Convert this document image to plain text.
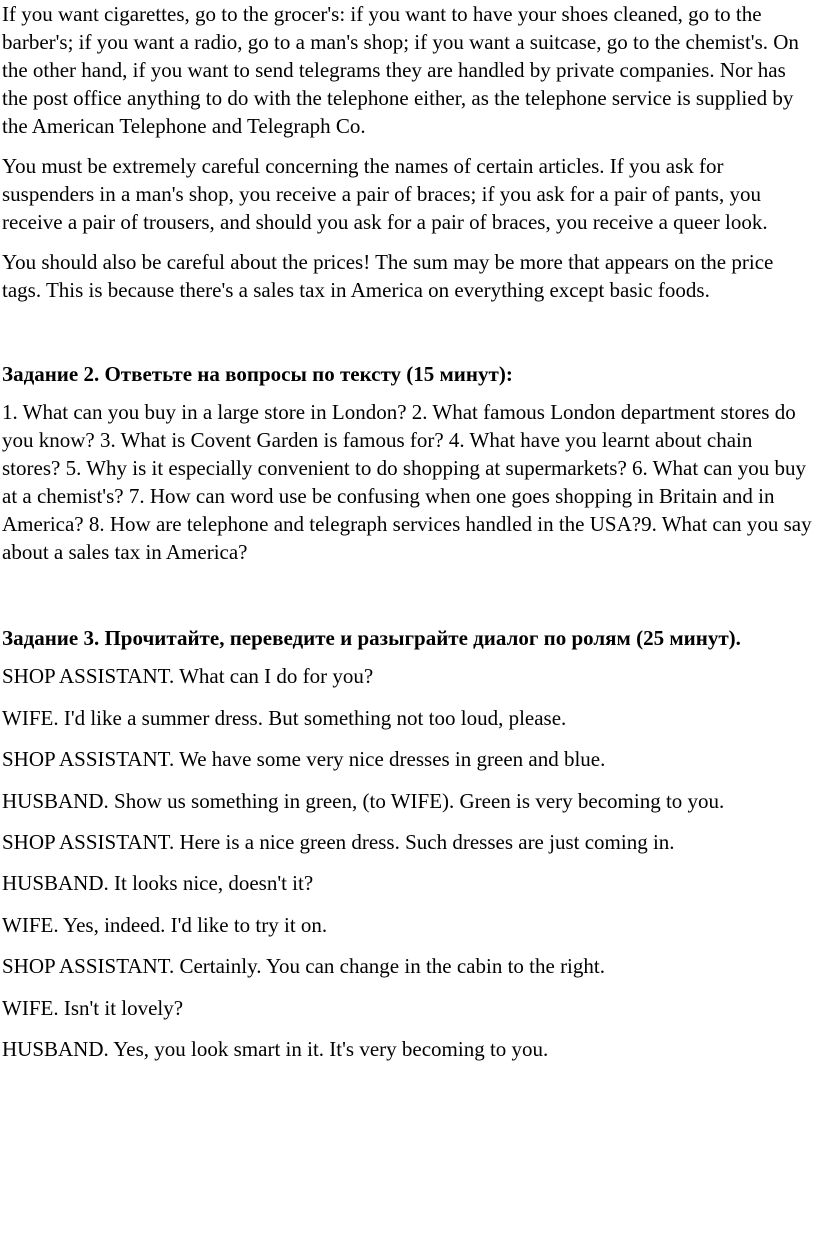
If you want cigarettes, go to the grocer's: if you want to have your shoes cleaned, go to the barber's; if you want a radio, go to a man's shop; if you want a suitcase, go to the chemist's. On the other hand, if you want to send telegrams they are handled by private companies. Nor has the post office anything to do with the telephone either, as the telephone service is supplied by the American Telephone and Telegraph Co.

You must be extremely careful concerning the names of certain articles. If you ask for suspenders in a man's shop, you receive a pair of braces; if you ask for a pair of pants, you receive a pair of trousers, and should you ask for a pair of braces, you receive a queer look.

You should also be careful about the prices! The sum may be more that appears on the price tags. This is because there's a sales tax in America on everything except basic foods.

Задание 2. Ответьте на вопросы по тексту (15 минут):

1. What can you buy in a large store in London? 2. What famous London department stores do you know? 3. What is Covent Garden is famous for? 4. What have you learnt about chain stores? 5. Why is it especially convenient to do shopping at supermarkets? 6. What can you buy at a chemist's? 7. How can word use be confusing when one goes shopping in Britain and in America? 8. How are telephone and telegraph services handled in the USA?9. What can you say about a sales tax in America?

Задание 3. Прочитайте, переведите и разыграйте диалог по ролям (25 минут).

SHOP ASSISTANT. What can I do for you?

WIFE. I'd like a summer dress. But something not too loud, please.

SHOP ASSISTANT. We have some very nice dresses in green and blue.

HUSBAND. Show us something in green, (to WIFE). Green is very becoming to you.

SHOP ASSISTANT. Here is a nice green dress. Such dresses are just coming in.

HUSBAND. It looks nice, doesn't it?

WIFE. Yes, indeed. I'd like to try it on.

SHOP ASSISTANT. Certainly. You can change in the cabin to the right.

WIFE. Isn't it lovely?

HUSBAND. Yes, you look smart in it. It's very becoming to you.
